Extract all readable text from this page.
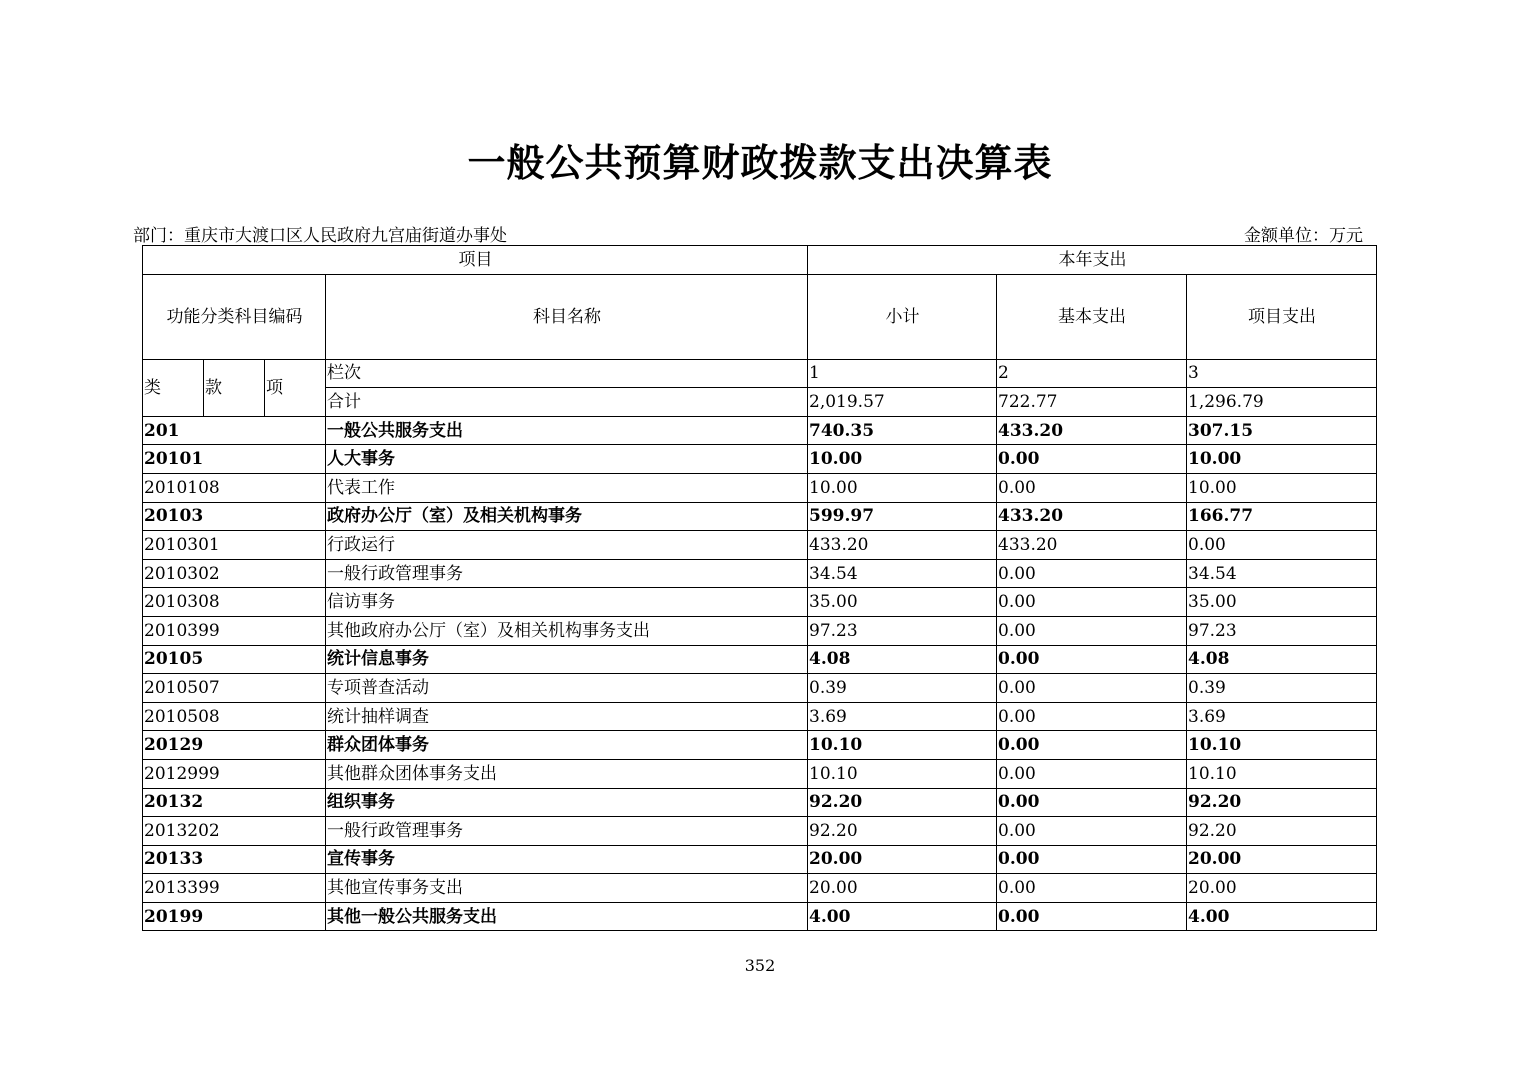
一般公共预算财政拨款支出决算表
部门：重庆市大渡口区人民政府九宫庙街道办事处	金额单位：万元
项目				本年支出		
功能分类科目编码			科目名称	小计	基本支出	项目支出
类	款	项	栏次	1	2	3
			合计	2,019.57	722.77	1,296.79
201			一般公共服务支出	740.35	433.20	307.15
20101			人大事务	10.00	0.00	10.00
2010108			代表工作	10.00	0.00	10.00
20103			政府办公厅（室）及相关机构事务	599.97	433.20	166.77
2010301			行政运行	433.20	433.20	0.00
2010302			一般行政管理事务	34.54	0.00	34.54
2010308			信访事务	35.00	0.00	35.00
2010399			其他政府办公厅（室）及相关机构事务支出	97.23	0.00	97.23
20105			统计信息事务	4.08	0.00	4.08
2010507			专项普查活动	0.39	0.00	0.39
2010508			统计抽样调查	3.69	0.00	3.69
20129			群众团体事务	10.10	0.00	10.10
2012999			其他群众团体事务支出	10.10	0.00	10.10
20132			组织事务	92.20	0.00	92.20
2013202			一般行政管理事务	92.20	0.00	92.20
20133			宣传事务	20.00	0.00	20.00
2013399			其他宣传事务支出	20.00	0.00	20.00
20199			其他一般公共服务支出	4.00	0.00	4.00
352
